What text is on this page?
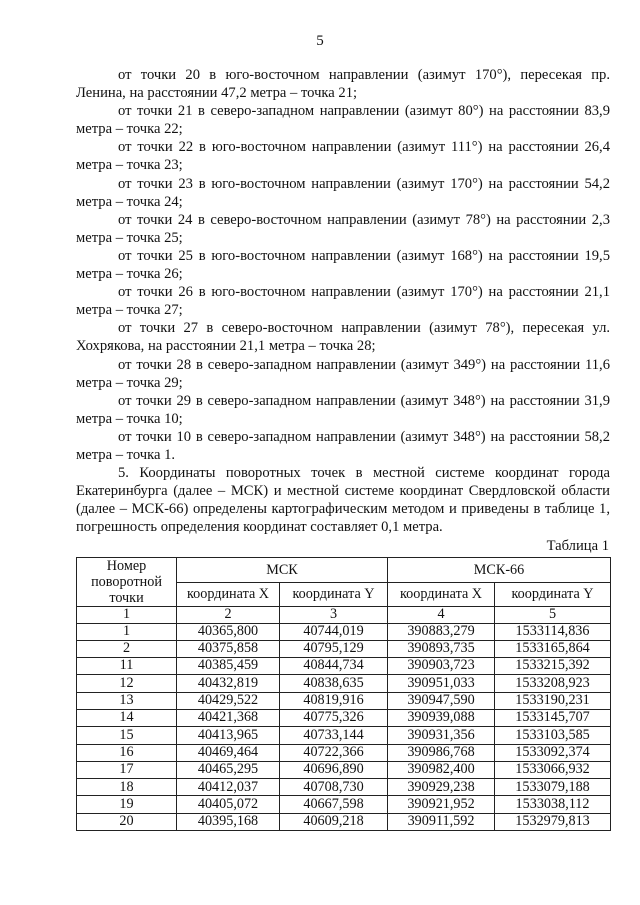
5

от точки 20 в юго-восточном направлении (азимут 170°), пересекая пр. Ленина, на расстоянии 47,2 метра – точка 21;

от точки 21 в северо-западном направлении (азимут 80°) на расстоянии 83,9 метра – точка 22;

от точки 22 в юго-восточном направлении (азимут 111°) на расстоянии 26,4 метра – точка 23;

от точки 23 в юго-восточном направлении (азимут 170°) на расстоянии 54,2 метра – точка 24;

от точки 24 в северо-восточном направлении (азимут 78°) на расстоянии 2,3 метра – точка 25;

от точки 25 в юго-восточном направлении (азимут 168°) на расстоянии 19,5 метра – точка 26;

от точки 26 в юго-восточном направлении (азимут 170°) на расстоянии 21,1 метра – точка 27;

от точки 27 в северо-восточном направлении (азимут 78°), пересекая ул. Хохрякова, на расстоянии 21,1 метра – точка 28;

от точки 28 в северо-западном направлении (азимут 349°) на расстоянии 11,6 метра – точка 29;

от точки 29 в северо-западном направлении (азимут 348°) на расстоянии 31,9 метра – точка 10;

от точки 10 в северо-западном направлении (азимут 348°) на расстоянии 58,2 метра – точка 1.

5. Координаты поворотных точек в местной системе координат города Екатеринбурга (далее – МСК) и местной системе координат Свердловской области (далее – МСК-66) определены картографическим методом и приведены в таблице 1, погрешность определения координат составляет 0,1 метра.

Таблица 1
Номер поворотной точки	МСК		МСК-66	
	координата X	координата Y	координата X	координата Y
1	2	3	4	5
1	40365,800	40744,019	390883,279	1533114,836
2	40375,858	40795,129	390893,735	1533165,864
11	40385,459	40844,734	390903,723	1533215,392
12	40432,819	40838,635	390951,033	1533208,923
13	40429,522	40819,916	390947,590	1533190,231
14	40421,368	40775,326	390939,088	1533145,707
15	40413,965	40733,144	390931,356	1533103,585
16	40469,464	40722,366	390986,768	1533092,374
17	40465,295	40696,890	390982,400	1533066,932
18	40412,037	40708,730	390929,238	1533079,188
19	40405,072	40667,598	390921,952	1533038,112
20	40395,168	40609,218	390911,592	1532979,813
